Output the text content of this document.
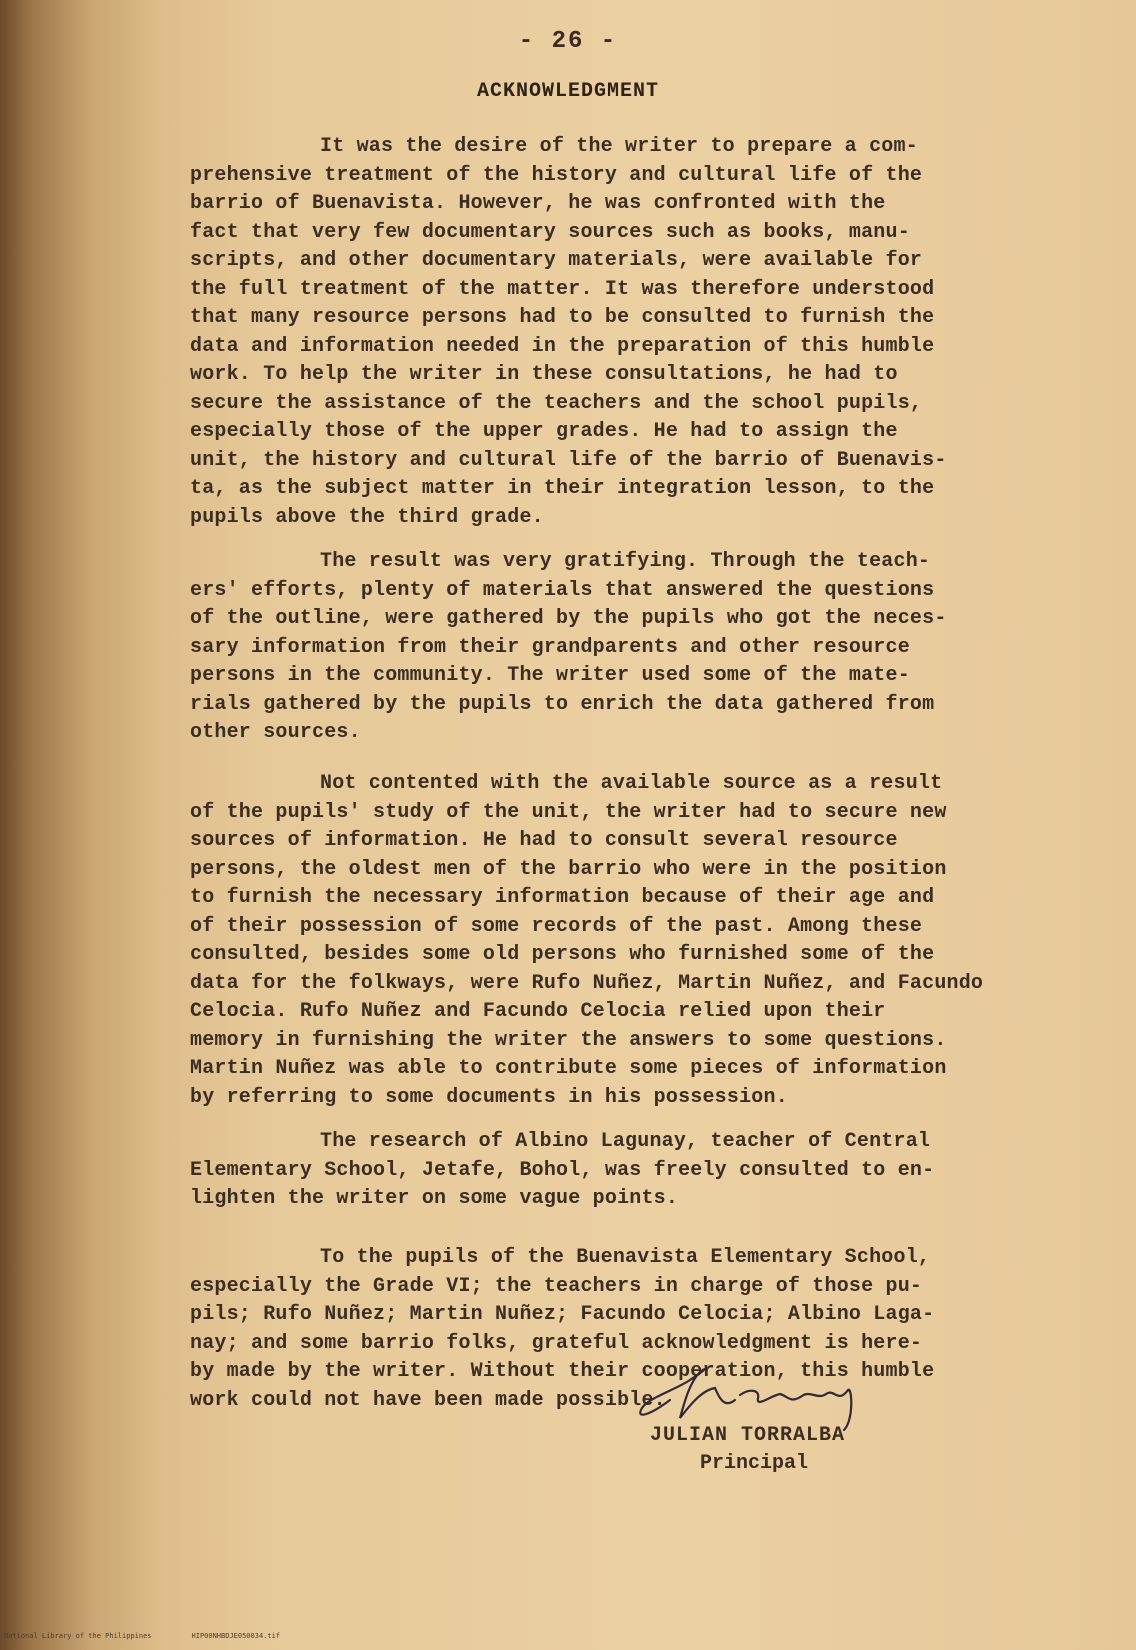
- 26 -
ACKNOWLEDGMENT
It was the desire of the writer to prepare a com-
prehensive treatment of the history and cultural life of the
barrio of Buenavista. However, he was confronted with the
fact that very few documentary sources such as books, manu-
scripts, and other documentary materials, were available for
the full treatment of the matter. It was therefore understood
that many resource persons had to be consulted to furnish the
data and information needed in the preparation of this humble
work. To help the writer in these consultations, he had to
secure the assistance of the teachers and the school pupils,
especially those of the upper grades. He had to assign the
unit, the history and cultural life of the barrio of Buenavis-
ta, as the subject matter in their integration lesson, to the
pupils above the third grade.
The result was very gratifying. Through the teach-
ers' efforts, plenty of materials that answered the questions
of the outline, were gathered by the pupils who got the neces-
sary information from their grandparents and other resource
persons in the community. The writer used some of the mate-
rials gathered by the pupils to enrich the data gathered from
other sources.
Not contented with the available source as a result
of the pupils' study of the unit, the writer had to secure new
sources of information. He had to consult several resource
persons, the oldest men of the barrio who were in the position
to furnish the necessary information because of their age and
of their possession of some records of the past. Among these
consulted, besides some old persons who furnished some of the
data for the folkways, were Rufo Nuñez, Martin Nuñez, and Facundo
Celocia. Rufo Nuñez and Facundo Celocia relied upon their
memory in furnishing the writer the answers to some questions.
Martin Nuñez was able to contribute some pieces of information
by referring to some documents in his possession.
The research of Albino Lagunay, teacher of Central
Elementary School, Jetafe, Bohol, was freely consulted to en-
lighten the writer on some vague points.
To the pupils of the Buenavista Elementary School,
especially the Grade VI; the teachers in charge of those pu-
pils; Rufo Nuñez; Martin Nuñez; Facundo Celocia; Albino Laga-
nay; and some barrio folks, grateful acknowledgment is here-
by made by the writer. Without their cooperation, this humble
work could not have been made possible.
JULIAN TORRALBA
Principal
National Library of the Philippines	HIP00NHBDJE050034.tif
